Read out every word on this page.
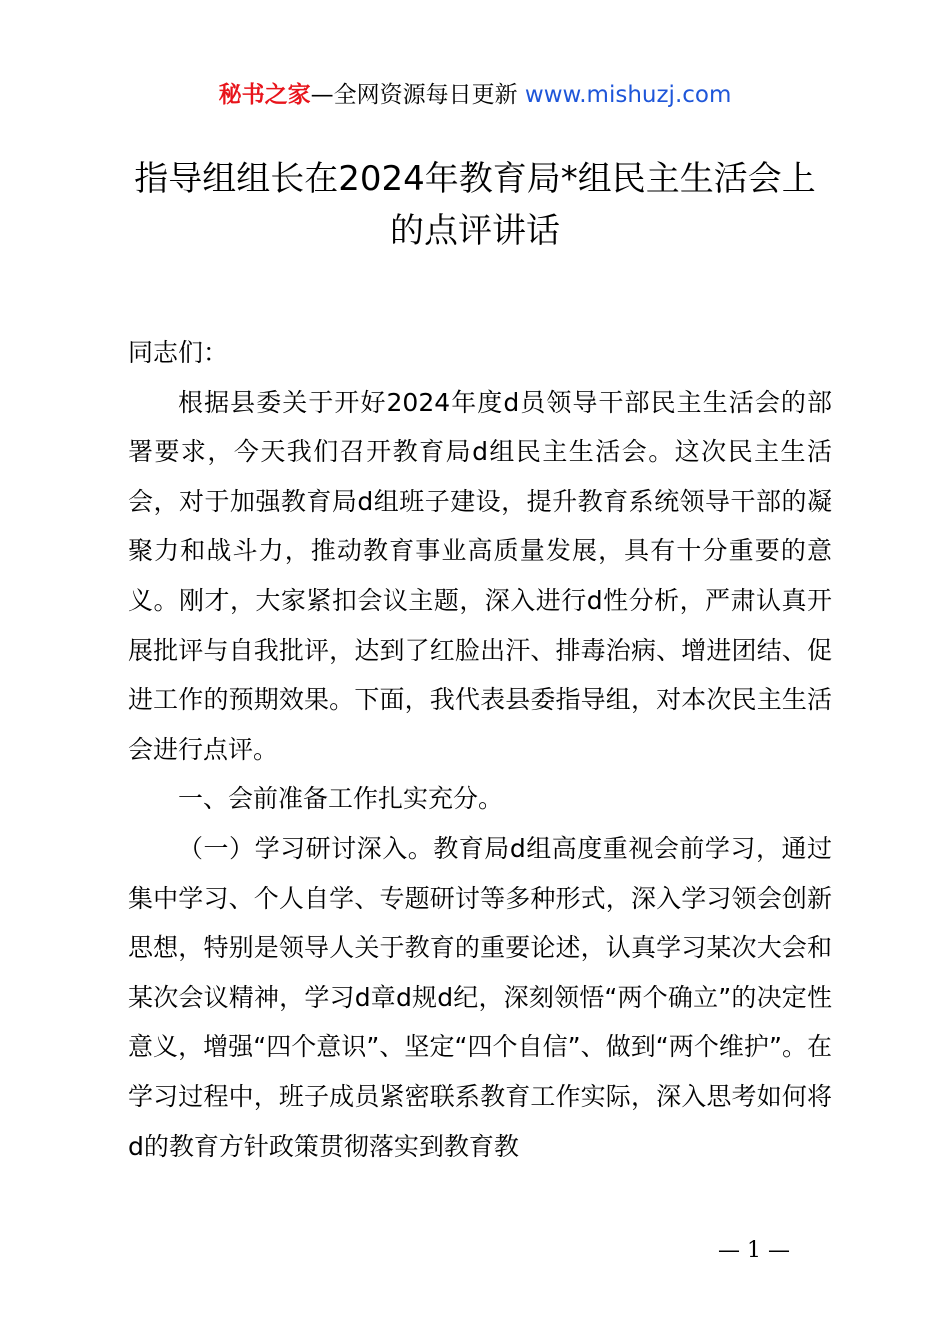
秘书之家—全网资源每日更新 www.mishuzj.com
指导组组长在2024年教育局*组民主生活会上
的点评讲话

同志们：

根据县委关于开好2024年度d员领导干部民主生活会的部署要求，今天我们召开教育局d组民主生活会。这次民主生活会，对于加强教育局d组班子建设，提升教育系统领导干部的凝聚力和战斗力，推动教育事业高质量发展，具有十分重要的意义。刚才，大家紧扣会议主题，深入进行d性分析，严肃认真开展批评与自我批评，达到了红脸出汗、排毒治病、增进团结、促进工作的预期效果。下面，我代表县委指导组，对本次民主生活会进行点评。

一、会前准备工作扎实充分。

（一）学习研讨深入。教育局d组高度重视会前学习，通过集中学习、个人自学、专题研讨等多种形式，深入学习领会创新思想，特别是领导人关于教育的重要论述，认真学习某次大会和某次会议精神，学习d章d规d纪，深刻领悟“两个确立”的决定性意义，增强“四个意识”、坚定“四个自信”、做到“两个维护”。在学习过程中，班子成员紧密联系教育工作实际，深入思考如何将d的教育方针政策贯彻落实到教育教

— 1 —
